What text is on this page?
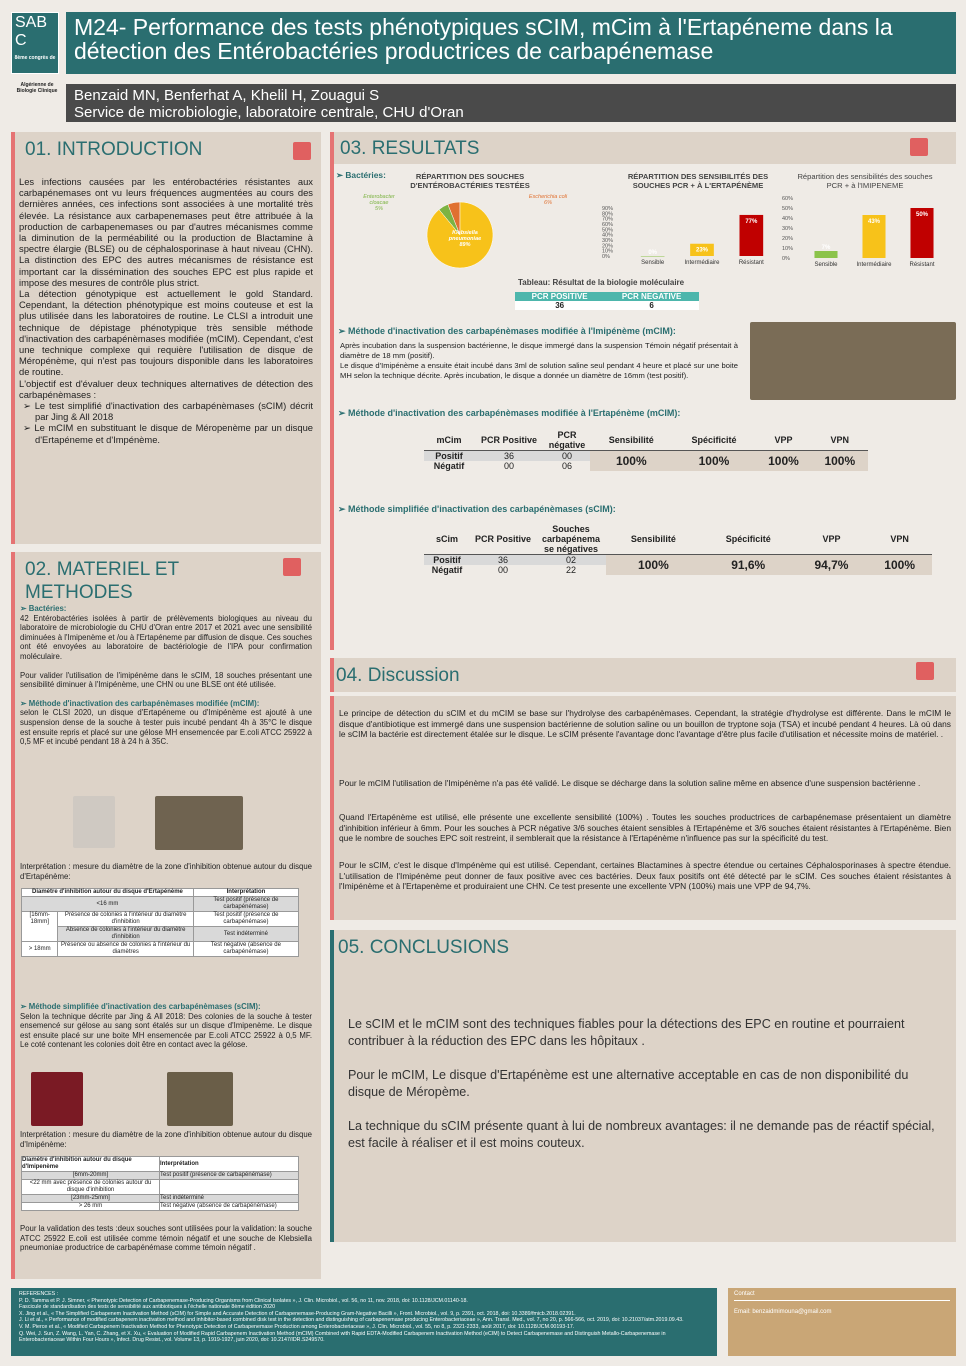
SAB
C
8ème congrès de
Algérienne de Biologie Clinique
M24- Performance des tests phénotypiques sCIM, mCim à l'Ertapéneme dans la détection des Entérobactéries productrices de carbapénemase
Benzaid MN, Benferhat A, Khelil H, Zouagui S
Service de microbiologie, laboratoire centrale, CHU d'Oran
01. INTRODUCTION

Les infections causées par les entérobactéries résistantes aux carbapénemases ont vu leurs fréquences augmentées au cours des dernières années, ces infections sont associées à une mortalité très élevée. La résistance aux carbapenemases peut être attribuée à la production de carbapenemases ou par d'autres mécanismes comme la diminution de la perméabilité ou la production de Blactamine à spectre élargie (BLSE) ou de céphalosporinase à haut niveau (CHN). La distinction des EPC des autres mécanismes de résistance est important car la dissémination des souches EPC est plus rapide et impose des mesures de contrôle plus strict.

La détection génotypique est actuellement le gold Standard. Cependant, la détection phénotypique est moins couteuse et est la plus utilisée dans les laboratoires de routine. Le CLSI a introduit une technique de dépistage phénotypique très sensible méthode d'inactivation des carbapénèmases modifiée (mCIM). Cependant, c'est une technique complexe qui requière l'utilisation de disque de Méropénème, qui n'est pas toujours disponible dans les laboratoires de routine.

L'objectif est d'évaluer deux techniques alternatives de détection des carbapénèmases :

➢ Le test simplifié d'inactivation des carbapénèmases (sCIM) décrit par Jing & All 2018

➢ Le mCIM en substituant le disque de Méropenème par un disque d'Ertapéneme et d'Impénème.

02. MATERIEL ET
METHODES

➢ Bactéries:

42 Entérobactéries isolées à partir de prélèvements biologiques au niveau du laboratoire de microbiologie du CHU d'Oran entre 2017 et 2021 avec une sensibilité diminuées à l'Imipenème et /ou à l'Ertapéneme par diffusion de disque. Ces souches ont été envoyées au laboratoire de bactériologie de l'IPA pour confirmation moléculaire.

Pour valider l'utilisation de l'imipénème dans le sCIM, 18 souches présentant une sensibilité diminuer à l'Imipénème, une CHN ou une BLSE ont été utilisée.

➢ Méthode d'inactivation des carbapénèmases modifiée (mCIM):

selon le CLSI 2020, un disque d'Ertapéneme ou d'Imipénème est ajouté à une suspension dense de la souche à tester puis incubé pendant 4h à 35°C le disque est ensuite repris et placé sur une gélose MH ensemencée par E.coli ATCC 25922 à 0,5 MF et incubé pendant 18 à 24 h à 35C.

Interprétation : mesure du diamètre de la zone d'inhibition obtenue autour du disque d'Ertapénème:
Diamètre d'inhibition autour du disque d'Ertapénème		Interprétation
<16 mm		Test positif (présence de carbapénémase)
[16mm-18mm]	Présence de colonies à l'intérieur du diamètre d'inhibition	Test positif (présence de carbapénémase)
	Absence de colonies à l'intérieur du diamètre d'inhibition	Test indéterminé
> 18mm	Présence ou absence de colonies à l'intérieur du diamètres	Test négative (absence de carbapénémase)

➢ Méthode simplifiée d'inactivation des carbapénèmases (sCIM):

Selon la technique décrite par Jing & All 2018: Des colonies de la souche à tester ensemencé sur gélose au sang sont étalés sur un disque d'Imipenème. Le disque est ensuite placé sur une boite MH ensemencée par E.coli ATCC 25922 à 0,5 MF. Le coté contenant les colonies doit être en contact avec la gélose.

Interprétation : mesure du diamètre de la zone d'inhibition obtenue autour du disque d'Imipénème:
Diamètre d'inhibition autour du disque d'Imipenème	Interprétation
[6mm-20mm]	Test positif (présence de carbapénémase)
<22 mm avec présence de colonies autour du disque d'inhibition	
[23mm-25mm]	Test indéterminé
> 26 mm	Test négative (absence de carbapénémase)
Pour la validation des tests :deux souches sont utilisées pour la validation: la souche ATCC 25922 E.coli est utilisée comme témoin négatif et une souche de Klebsiella pneumoniae productrice de carbapénémase comme témoin négatif .
03. RESULTATS
➢ Bactéries:	RÉPARTITION DES SOUCHES D'ENTÉROBACTÉRIES TESTÉES
Enterobacter cloacae
5%
Escherichia coli
6%
Klebsiella pneumoniae
89%
RÉPARTITION DES SENSIBILITÉS DES SOUCHES PCR + À L'ERTAPÉNÈME
0%
10%
20%
30%
40%
50%
60%
70%
80%
90%
0%
Sensible
23%
Intermédiaire
77%
Résistant
Répartition des sensibilités des souches PCR + à l'IMIPENEME
0%
10%
20%
30%
40%
50%
60%
7%
Sensible
43%
Intermédiaire
50%
Résistant
Tableau: Résultat de la biologie moléculaire
PCR POSITIVE	PCR NEGATIVE
36	6
➢ Méthode d'inactivation des carbapénèmases modifiée à l'Imipénème (mCIM):

Après incubation dans la suspension bactérienne, le disque immergé dans la suspension Témoin négatif présentait à diamètre de 18 mm (positif).

Le disque d'Imipénème a ensuite était incubé dans 3ml de solution saline seul pendant 4 heure et placé sur une boite MH selon la technique décrite. Après incubation, le disque a donnée un diamètre de 16mm (test positif).

➢ Méthode d'inactivation des carbapénèmases modifiée à l'Ertapénème (mCIM):
mCim	PCR Positive	PCR négative	Sensibilité	Spécificité	VPP	VPN
Positif	36	00	100%	100%	100%	100%
Négatif	00	06				
➢ Méthode simplifiée d'inactivation des carbapénèmases (sCIM):
sCim	PCR Positive	Souches carbapénema se négatives	Sensibilité	Spécificité	VPP	VPN
Positif	36	02	100%	91,6%	94,7%	100%
Négatif	00	22				
04. Discussion
Le principe de détection du sCIM et du mCIM se base sur l'hydrolyse des carbapénèmases. Cependant, la stratégie d'hydrolyse est différente. Dans le mCIM le disque d'antibiotique est immergé dans une suspension bactérienne de solution saline ou un bouillon de tryptone soja (TSA) et incubé pendant 4 heures. Là où dans le sCIM la bactérie est directement étalée sur le disque. Le sCIM présente l'avantage donc l'avantage d'être plus facile d'utilisation et nécessite moins de matériel. .
Pour le mCIM l'utilisation de l'Imipénème n'a pas été validé. Le disque se décharge dans la solution saline même en absence d'une suspension bactérienne .
Quand l'Ertapénème est utilisé, elle présente une excellente sensibilité (100%) . Toutes les souches productrices de carbapénemase présentaient un diamètre d'inhibition inférieur à 6mm. Pour les souches à PCR négative 3/6 souches étaient sensibles à l'Ertapénème et 3/6 souches étaient résistantes à l'Ertapénème. Bien que le nombre de souches EPC soit restreint, il semblerait que la résistance à l'Ertapénème n'influence pas sur la spécificité du test.
Pour le sCIM, c'est le disque d'Impénème qui est utilisé. Cependant, certaines Blactamines à spectre étendue ou certaines Céphalosporinases à spectre étendue. L'utilisation de l'Imipénème peut donner de faux positive avec ces bactéries. Deux faux positifs ont été détecté par le sCIM. Ces souches étaient résistantes à l'Imipénème et à l'Ertapenème et produiraient une CHN. Ce test presente une excellente VPN (100%) mais une VPP de 94,7%.
05. CONCLUSIONS

Le sCIM et le mCIM sont des techniques fiables pour la détections des EPC en routine et pourraient contribuer à la réduction des EPC dans les hôpitaux .

Pour le mCIM, Le disque d'Ertapénème est une alternative acceptable en cas de non disponibilité du disque de Méropème.

La technique du sCIM présente quant à lui de nombreux avantages: il ne demande pas de réactif spécial, est facile à réaliser et il est moins couteux.

REFERENCES :
P. D. Tamma et P. J. Simner, « Phenotypic Detection of Carbapenemase-Producing Organisms from Clinical Isolates », J. Clin. Microbiol., vol. 56, no 11, nov. 2018, doi: 10.1128/JCM.01140-18.
Fascicule de standardisation des tests de sensibilité aux antibiotiques à l'échelle nationale 8ème édition 2020
X. Jing et al., « The Simplified Carbapenem Inactivation Method (sCIM) for Simple and Accurate Detection of Carbapenemase-Producing Gram-Negative Bacilli », Front. Microbiol., vol. 9, p. 2391, oct. 2018, doi: 10.3389/fmicb.2018.02391.
J. Li et al., « Performance of modified carbapenem inactivation method and inhibitor-based combined disk test in the detection and distinguishing of carbapenemase producing Enterobacteriaceae », Ann. Transl. Med., vol. 7, no 20, p. 566-566, oct. 2019, doi: 10.21037/atm.2019.09.43.
V. M. Pierce et al., « Modified Carbapenem Inactivation Method for Phenotypic Detection of Carbapenemase Production among Enterobacteriaceae », J. Clin. Microbiol., vol. 55, no 8, p. 2321-2333, août 2017, doi: 10.1128/JCM.00193-17.
Q. Wei, J. Sun, Z. Wang, L. Yan, C. Zhang, et X. Xu, « Evaluation of Modified Rapid Carbapenem Inactivation Method (mCIM) Combined with Rapid EDTA-Modified Carbapenem Inactivation Method (eCIM) to Detect Carbapenemase and Distinguish Metallo-Carbapenemase in Enterobacteriaceae Within Four Hours », Infect. Drug Resist., vol. Volume 13, p. 1919-1927, juin 2020, doi: 10.2147/IDR.S249570.
Contact
Email: benzaidmimouna@gmail.com
